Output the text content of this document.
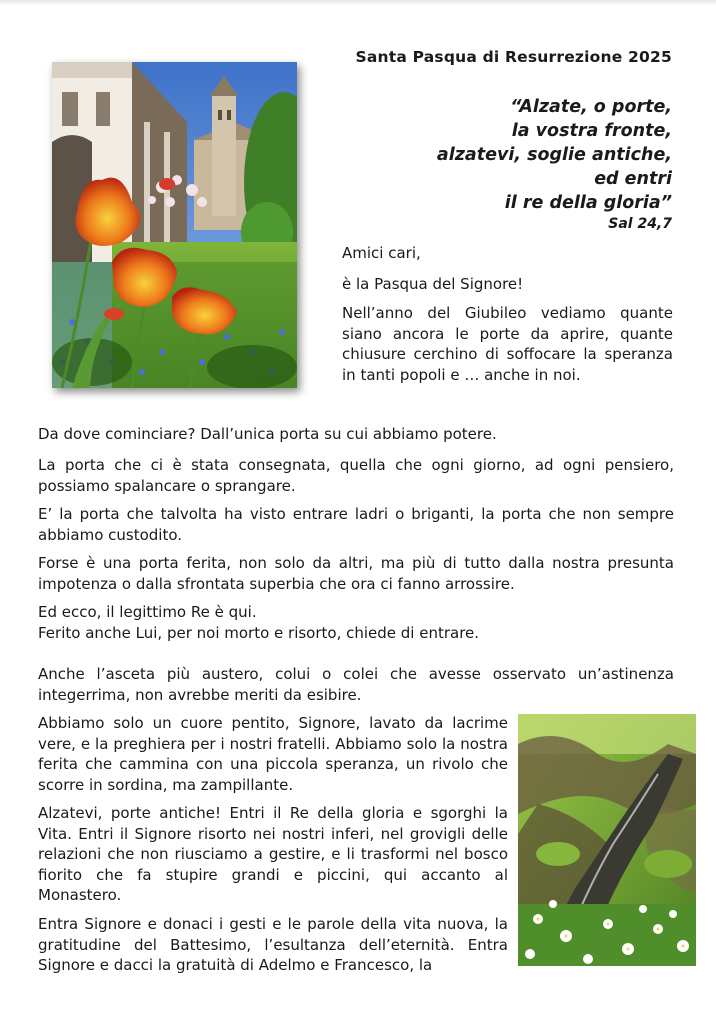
Santa Pasqua di Resurrezione 2025
“Alzate, o porte,
la vostra fronte,
alzatevi, soglie antiche,
ed entri
il re della gloria”
Sal 24,7

Amici cari,

è la Pasqua del Signore!

Nell’anno del Giubileo vediamo quante siano ancora le porte da aprire, quante chiusure cerchino di soffocare la speranza in tanti popoli e … anche in noi.

Da dove cominciare? Dall’unica porta su cui abbiamo potere.

La porta che ci è stata consegnata, quella che ogni giorno, ad ogni pensiero, possiamo spalancare o sprangare.

E’ la porta che talvolta ha visto entrare ladri o briganti, la porta che non sempre abbiamo custodito.

Forse è una porta ferita, non solo da altri, ma più di tutto dalla nostra presunta impotenza o dalla sfrontata superbia che ora ci fanno arrossire.

Ed ecco, il legittimo Re è qui.
Ferito anche Lui, per noi morto e risorto, chiede di entrare.

Anche l’asceta più austero, colui o colei che avesse osservato un’astinenza integerrima, non avrebbe meriti da esibire.

Abbiamo solo un cuore pentito, Signore, lavato da lacrime vere, e la preghiera per i nostri fratelli. Abbiamo solo la nostra ferita che cammina con una piccola speranza, un rivolo che scorre in sordina, ma zampillante.

Alzatevi, porte antiche! Entri il Re della gloria e sgorghi la Vita. Entri il Signore risorto nei nostri inferi, nel grovigli delle relazioni che non riusciamo a gestire, e li trasformi nel bosco fiorito che fa stupire grandi e piccini, qui accanto al Monastero.

Entra Signore e donaci i gesti e le parole della vita nuova, la gratitudine del Battesimo, l’esultanza dell’eternità. Entra Signore e dacci la gratuità di Adelmo e Francesco, la
